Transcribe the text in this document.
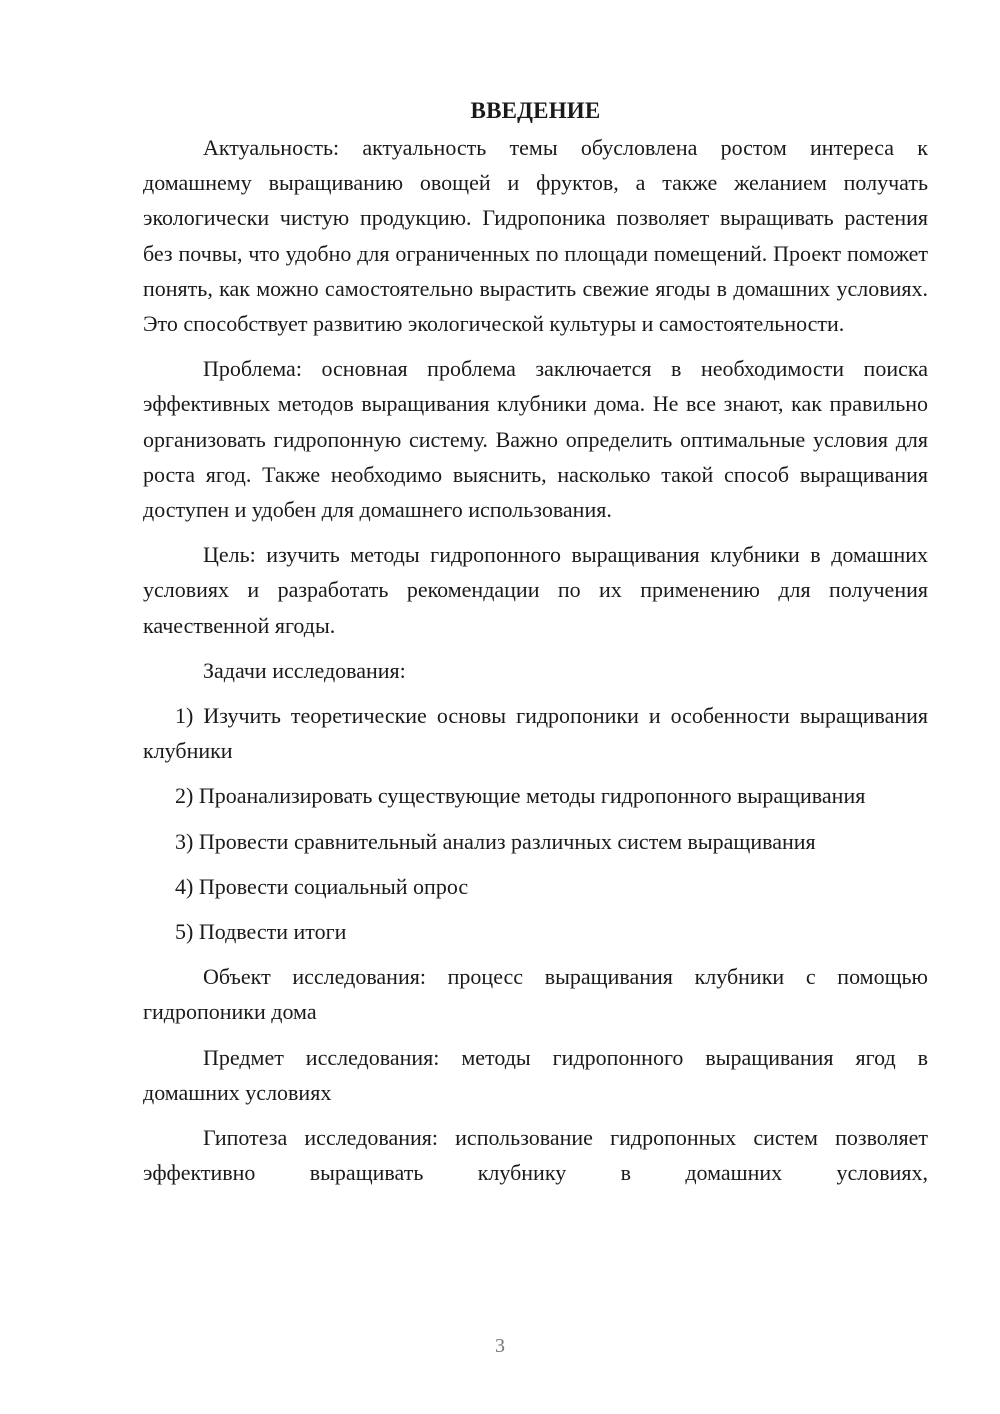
ВВЕДЕНИЕ

Актуальность: актуальность темы обусловлена ростом интереса к домашнему выращиванию овощей и фруктов, а также желанием получать экологически чистую продукцию. Гидропоника позволяет выращивать растения без почвы, что удобно для ограниченных по площади помещений. Проект поможет понять, как можно самостоятельно вырастить свежие ягоды в домашних условиях. Это способствует развитию экологической культуры и самостоятельности.

Проблема: основная проблема заключается в необходимости поиска эффективных методов выращивания клубники дома. Не все знают, как правильно организовать гидропонную систему. Важно определить оптимальные условия для роста ягод. Также необходимо выяснить, насколько такой способ выращивания доступен и удобен для домашнего использования.

Цель: изучить методы гидропонного выращивания клубники в домашних условиях и разработать рекомендации по их применению для получения качественной ягоды.

Задачи исследования:

1) Изучить теоретические основы гидропоники и особенности выращивания клубники

2) Проанализировать существующие методы гидропонного выращивания

3) Провести сравнительный анализ различных систем выращивания

4) Провести социальный опрос

5) Подвести итоги

Объект исследования: процесс выращивания клубники с помощью гидропоники дома

Предмет исследования: методы гидропонного выращивания ягод в домашних условиях

Гипотеза исследования: использование гидропонных систем позволяет эффективно выращивать клубнику в домашних условиях,

3
